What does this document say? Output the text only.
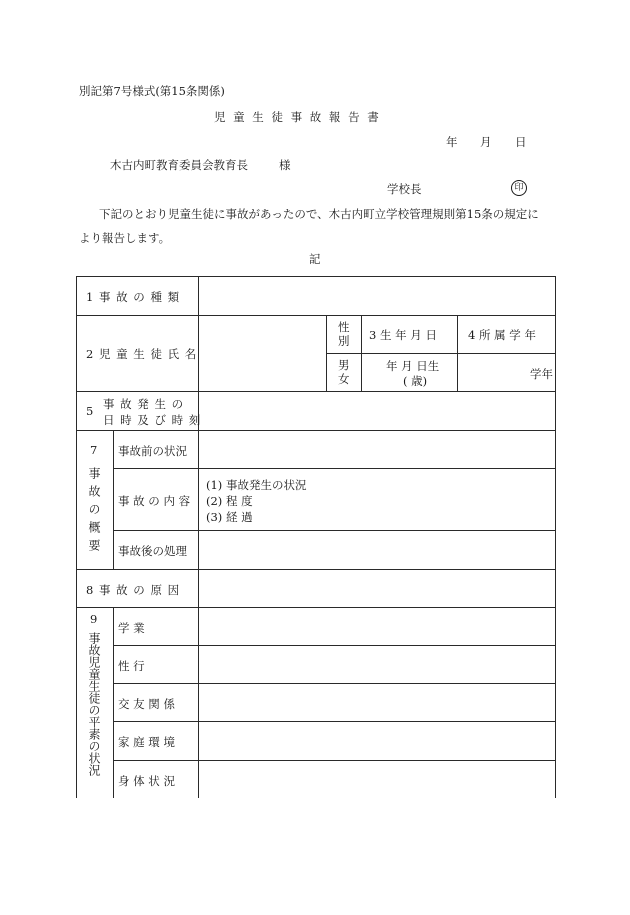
別記第7号様式(第15条関係)
児 童 生 徒 事 故 報 告 書
年 月 日
木古内町教育委員会教育長	様
学校長	印
下記のとおり児童生徒に事故があったので、木古内町立学校管理規則第15条の規定に
より報告します。
記
1 事 故 の 種 類
2 児 童 生 徒 氏 名
性
別
男
女
3 生 年 月 日
年 月 日生
( 歳)
4 所 属 学 年
学年
事 故 発 生 の
5
日 時 及 び 時 刻
7
事故の概要
事故前の状況
事 故 の 内 容
(1) 事故発生の状況
(2) 程 度
(3) 経 過
事故後の処理
8 事 故 の 原 因
9
事故児童生徒の平素の状況
学 業
性 行
交 友 関 係
家 庭 環 境
身 体 状 況
